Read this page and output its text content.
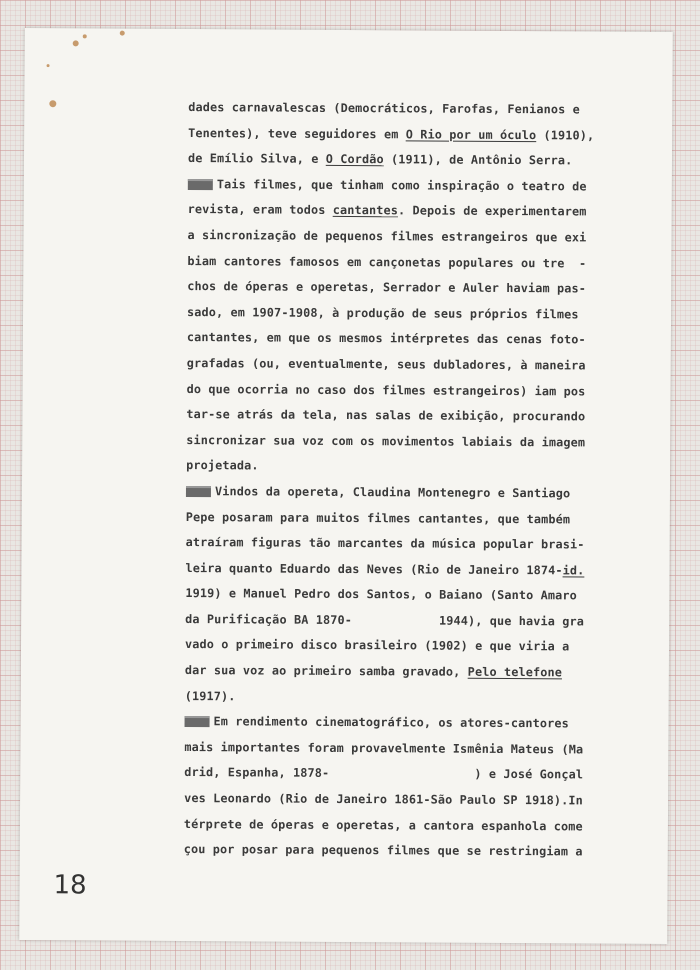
dades carnavalescas (Democráticos, Farofas, Fenianos e
Tenentes), teve seguidores em O Rio por um óculo (1910),
de Emílio Silva, e O Cordão (1911), de Antônio Serra.
Tais filmes, que tinham como inspiração o teatro de
revista, eram todos cantantes. Depois de experimentarem
a sincronização de pequenos filmes estrangeiros que exi
biam cantores famosos em cançonetas populares ou tre  -
chos de óperas e operetas, Serrador e Auler haviam pas-
sado, em 1907-1908, à produção de seus próprios filmes
cantantes, em que os mesmos intérpretes das cenas foto-
grafadas (ou, eventualmente, seus dubladores, à maneira
do que ocorria no caso dos filmes estrangeiros) iam pos
tar-se atrás da tela, nas salas de exibição, procurando
sincronizar sua voz com os movimentos labiais da imagem
projetada.
Vindos da opereta, Claudina Montenegro e Santiago
Pepe posaram para muitos filmes cantantes, que também
atraíram figuras tão marcantes da música popular brasi-
leira quanto Eduardo das Neves (Rio de Janeiro 1874-id.
1919) e Manuel Pedro dos Santos, o Baiano (Santo Amaro
da Purificação BA 1870-            1944), que havia gra
vado o primeiro disco brasileiro (1902) e que viria a
dar sua voz ao primeiro samba gravado, Pelo telefone
(1917).
Em rendimento cinematográfico, os atores-cantores
mais importantes foram provavelmente Ismênia Mateus (Ma
drid, Espanha, 1878-                    ) e José Gonçal
ves Leonardo (Rio de Janeiro 1861-São Paulo SP 1918).In
térprete de óperas e operetas, a cantora espanhola come
çou por posar para pequenos filmes que se restringiam a
18
